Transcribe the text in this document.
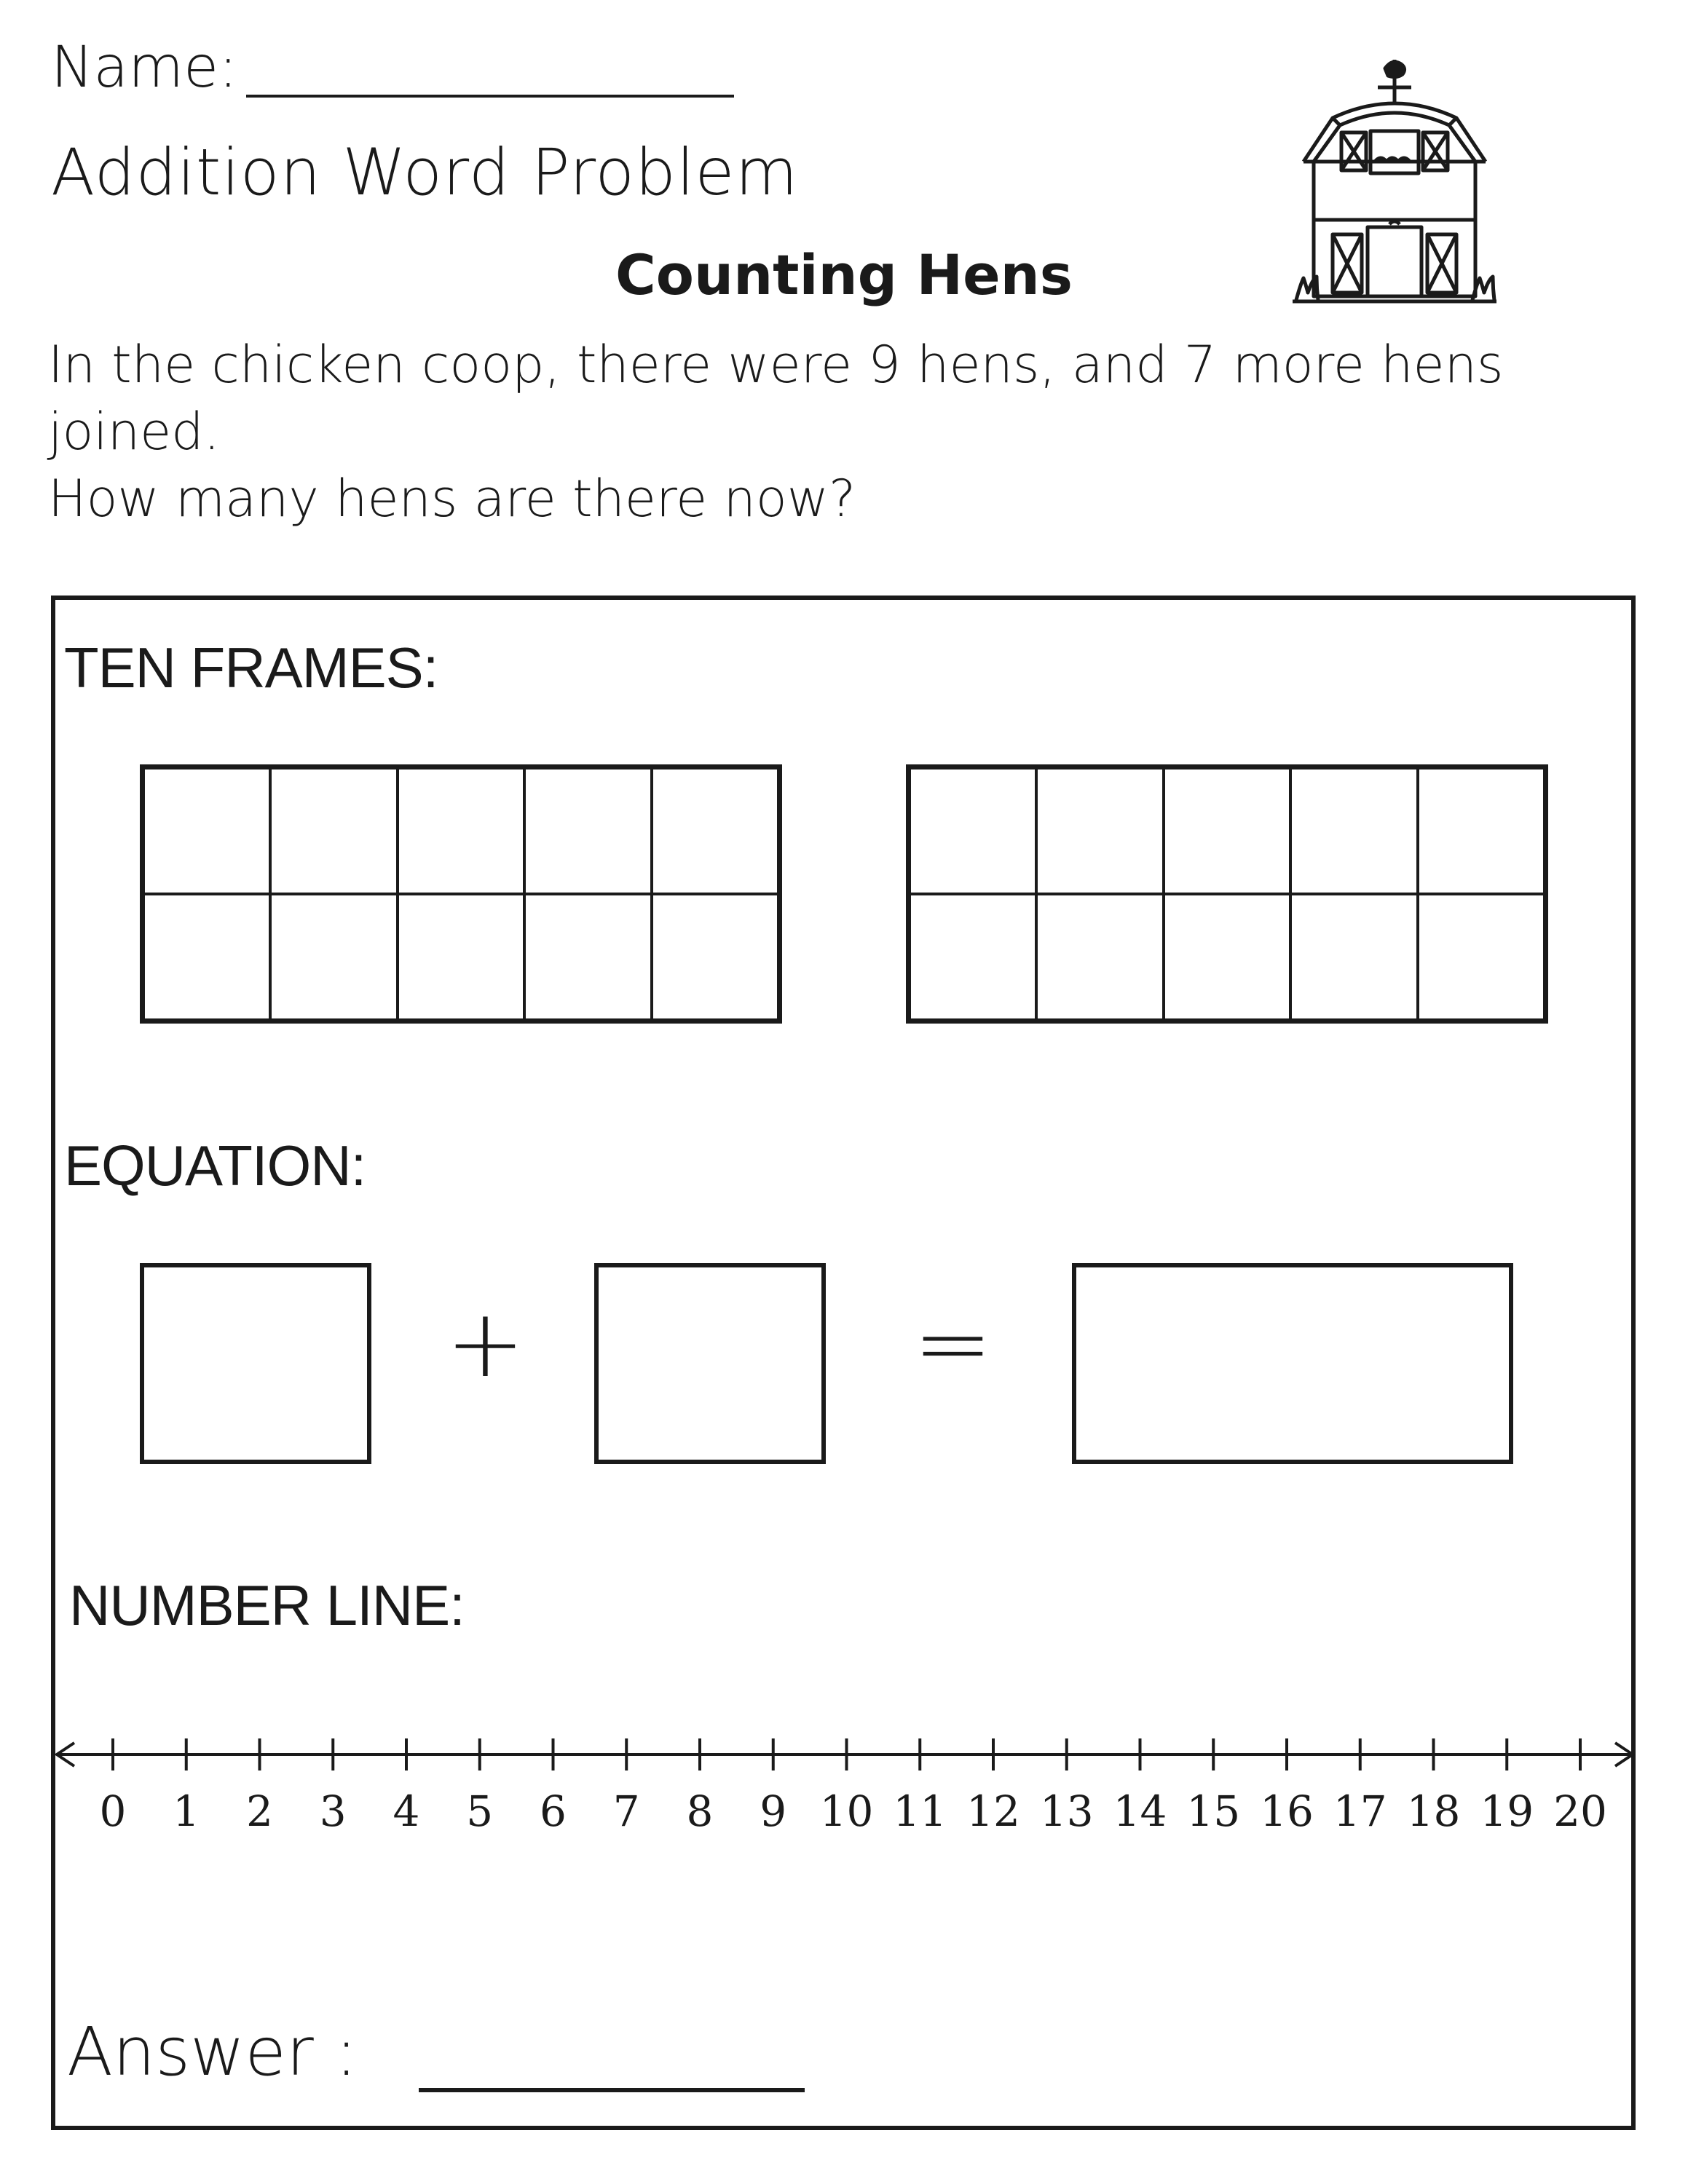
Name:
Addition Word Problem
Counting Hens
In the chicken coop, there were 9 hens, and 7 more hens joined.
How many hens are there now?
TEN FRAMES:
EQUATION:
+	=
NUMBER LINE:
0 1 2 3 4 5 6 7 8 9 10 11 12 13 14 15 16 17 18 19 20
Answer :
